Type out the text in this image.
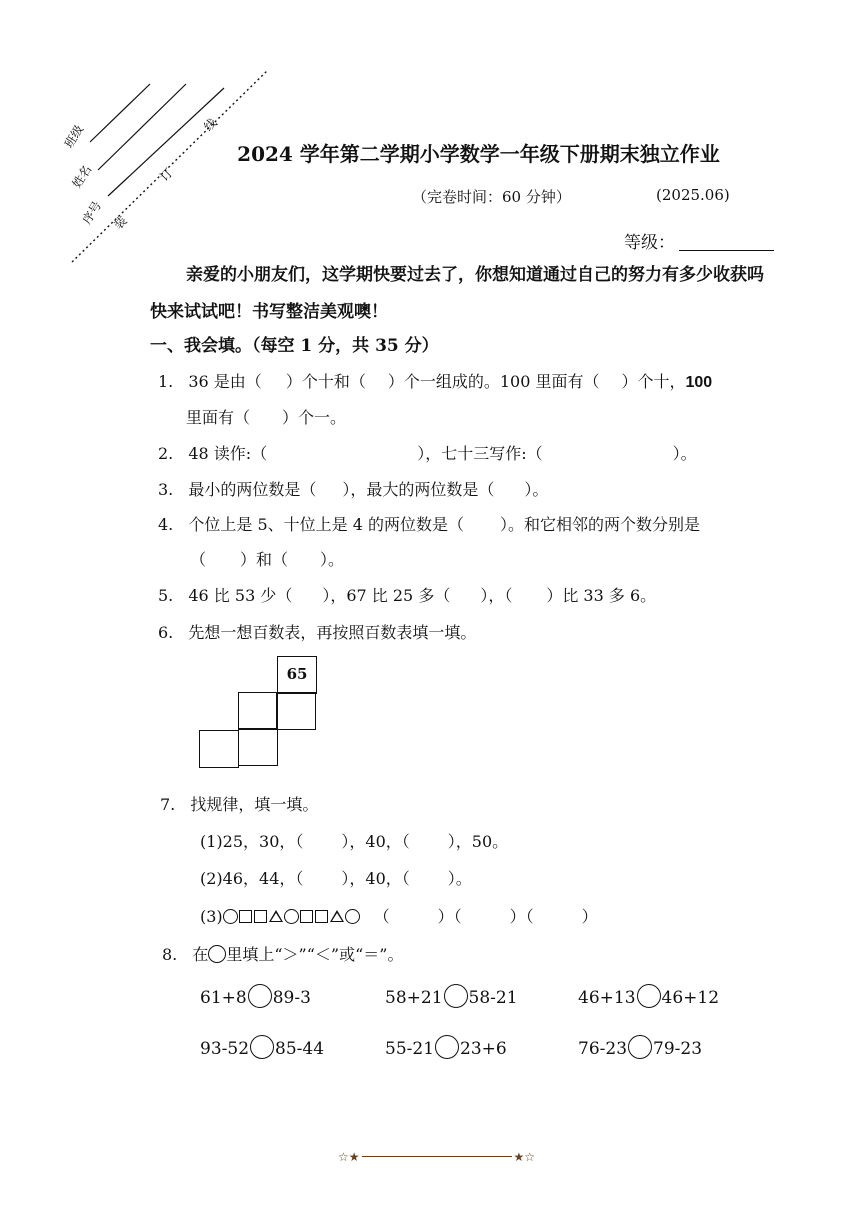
班级
姓名
序号 装
订
线
2024 学年第二学期小学数学一年级下册期末独立作业
（完卷时间：60 分钟）	(2025.06)
等级：
亲爱的小朋友们，这学期快要过去了，你想知道通过自己的努力有多少收获吗
快来试试吧！书写整洁美观噢！
一、我会填。（每空 1 分，共 35 分）
1. 36 是由（ ）个十和（ ）个一组成的。100 里面有（ ）个十，100
里面有（　　）个一。
2. 48 读作:（	），七十三写作:（	）。
3. 最小的两位数是（ ），最大的两位数是（ ）。
4. 个位上是 5、十位上是 4 的两位数是（ ）。和它相邻的两个数分别是
（ ）和（ ）。
5. 46 比 53 少（ ），67 比 25 多（ ），（ ）比 33 多 6。
6. 先想一想百数表，再按照百数表填一填。
65
7. 找规律，填一填。
(1)25，30，（ ），40，（ ），50。
(2)46，44，（ ），40，（ ）。
(3)	（　　　）（　　　）（　　　）
8. 在 里填上“＞”“＜”或“＝”。
61+8 89-3	58+21 58-21	46+13 46+12
93-52 85-44	55-21 23+6	76-23 79-23
☆★	★☆
